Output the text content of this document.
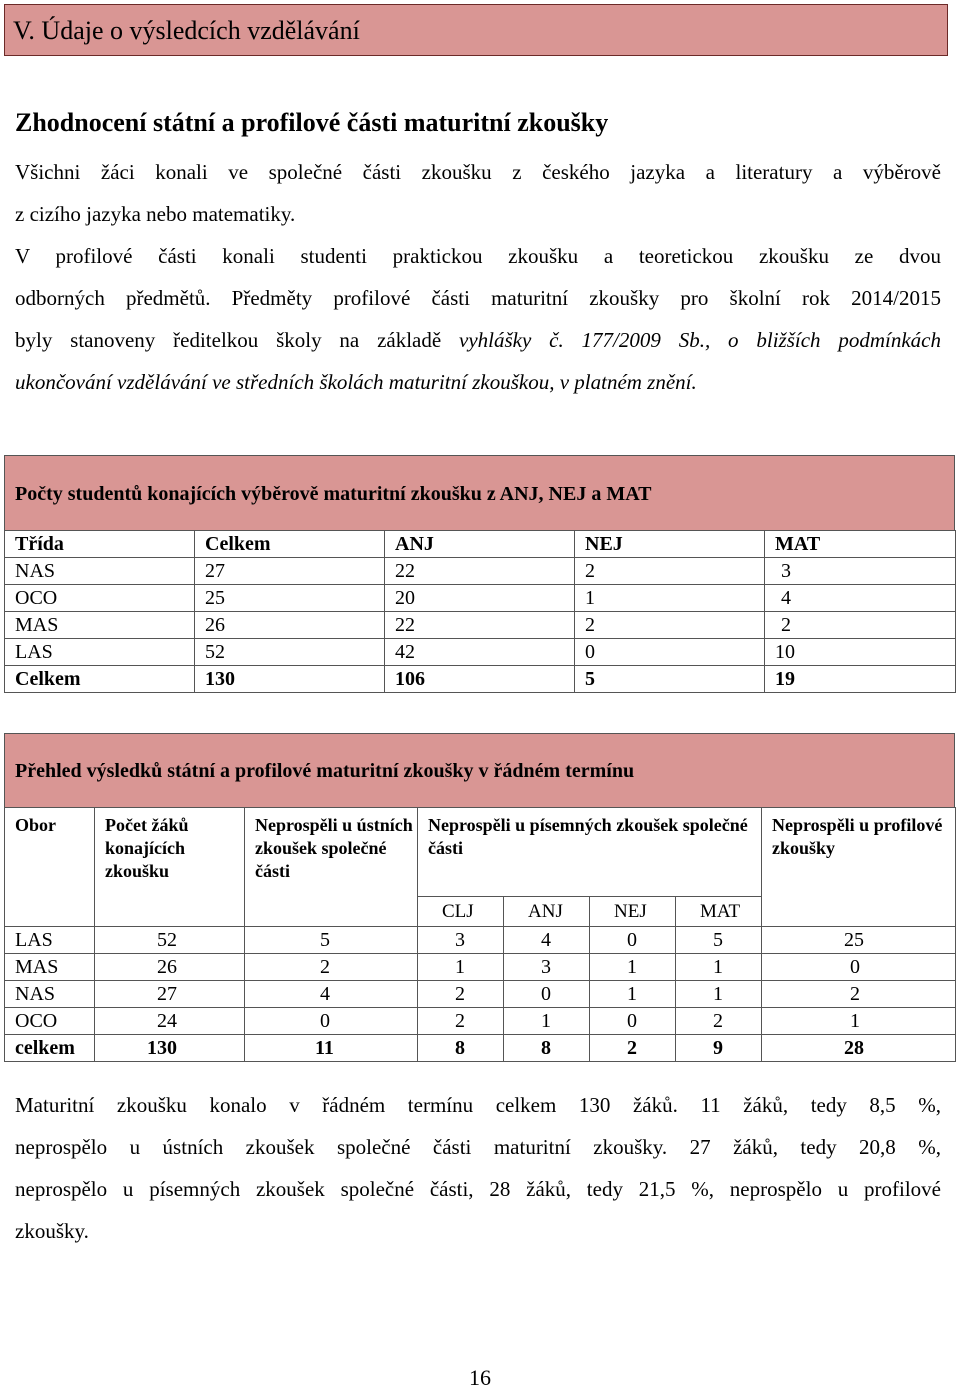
V. Údaje o výsledcích vzdělávání
Zhodnocení státní a profilové části maturitní zkoušky
Všichni žáci konali ve společné části zkoušku z českého jazyka a literatury a výběrově
z cizího jazyka nebo matematiky.
V profilové části konali studenti praktickou zkoušku a teoretickou zkoušku ze dvou
odborných předmětů. Předměty profilové části maturitní zkoušky pro školní rok 2014/2015
byly stanoveny ředitelkou školy na základě vyhlášky č. 177/2009 Sb., o bližších podmínkách
ukončování vzdělávání ve středních školách maturitní zkouškou, v platném znění.
Počty studentů konajících výběrově maturitní zkoušku z ANJ, NEJ a MAT
Třída	Celkem	ANJ	NEJ	MAT
NAS	27	22	2	3
OCO	25	20	1	4
MAS	26	22	2	2
LAS	52	42	0	10
Celkem	130	106	5	19
Přehled výsledků státní a profilové maturitní zkoušky v řádném termínu
Obor	Počet žáků konajících zkoušku	Neprospěli u ústních zkoušek společné části	Neprospěli u písemných zkoušek společné části				Neprospěli u profilové zkoušky
			CLJ	ANJ	NEJ	MAT	
LAS	52	5	3	4	0	5	25
MAS	26	2	1	3	1	1	0
NAS	27	4	2	0	1	1	2
OCO	24	0	2	1	0	2	1
celkem	130	11	8	8	2	9	28
Maturitní zkoušku konalo v řádném termínu celkem 130 žáků. 11 žáků, tedy 8,5 %,
neprospělo u ústních zkoušek společné části maturitní zkoušky. 27 žáků, tedy 20,8 %,
neprospělo u písemných zkoušek společné části, 28 žáků, tedy 21,5 %, neprospělo u profilové
zkoušky.
16
